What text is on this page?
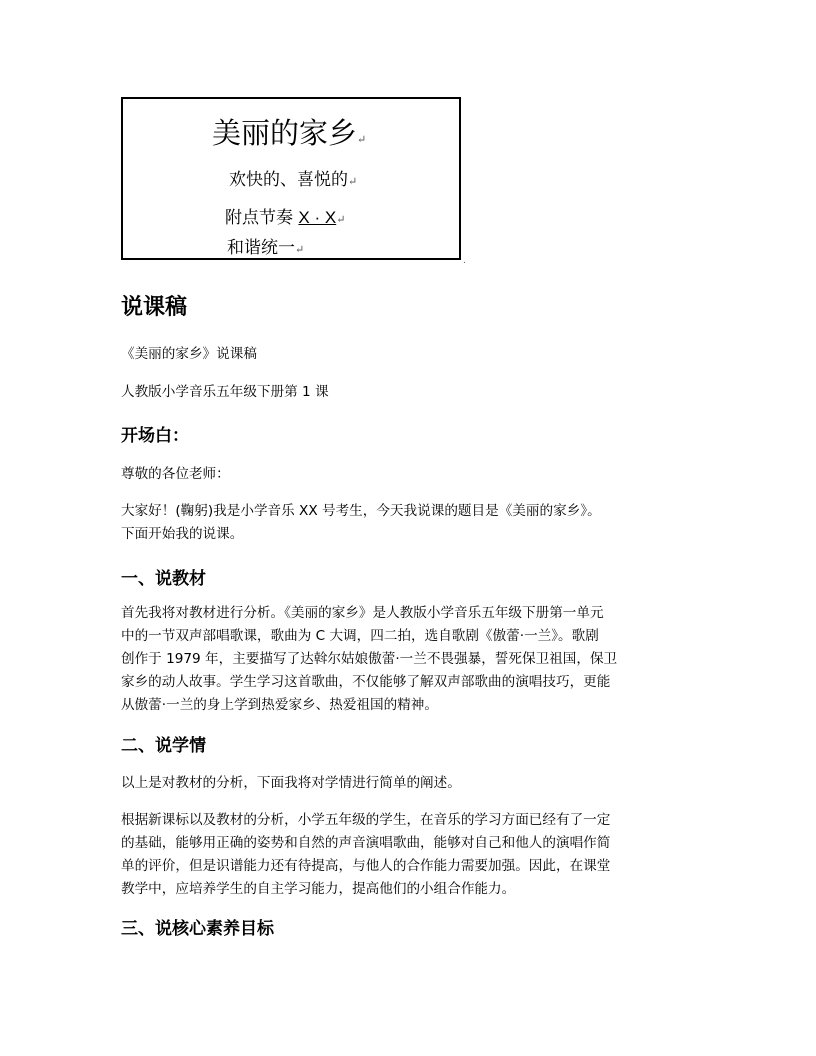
美丽的家乡↵
欢快的、喜悦的↵
附点节奏 X · X↵
和谐统一↵
.
说课稿
《美丽的家乡》说课稿
人教版小学音乐五年级下册第 1 课
开场白：
尊敬的各位老师：
大家好！(鞠躬)我是小学音乐 XX 号考生，今天我说课的题目是《美丽的家乡》。
下面开始我的说课。
一、说教材
首先我将对教材进行分析。《美丽的家乡》是人教版小学音乐五年级下册第一单元
中的一节双声部唱歌课，歌曲为 C 大调，四二拍，选自歌剧《傲蕾·一兰》。歌剧
创作于 1979 年，主要描写了达斡尔姑娘傲蕾·一兰不畏强暴，誓死保卫祖国，保卫
家乡的动人故事。学生学习这首歌曲，不仅能够了解双声部歌曲的演唱技巧，更能
从傲蕾·一兰的身上学到热爱家乡、热爱祖国的精神。
二、说学情
以上是对教材的分析，下面我将对学情进行简单的阐述。
根据新课标以及教材的分析，小学五年级的学生，在音乐的学习方面已经有了一定
的基础，能够用正确的姿势和自然的声音演唱歌曲，能够对自己和他人的演唱作简
单的评价，但是识谱能力还有待提高，与他人的合作能力需要加强。因此，在课堂
教学中，应培养学生的自主学习能力，提高他们的小组合作能力。
三、说核心素养目标
